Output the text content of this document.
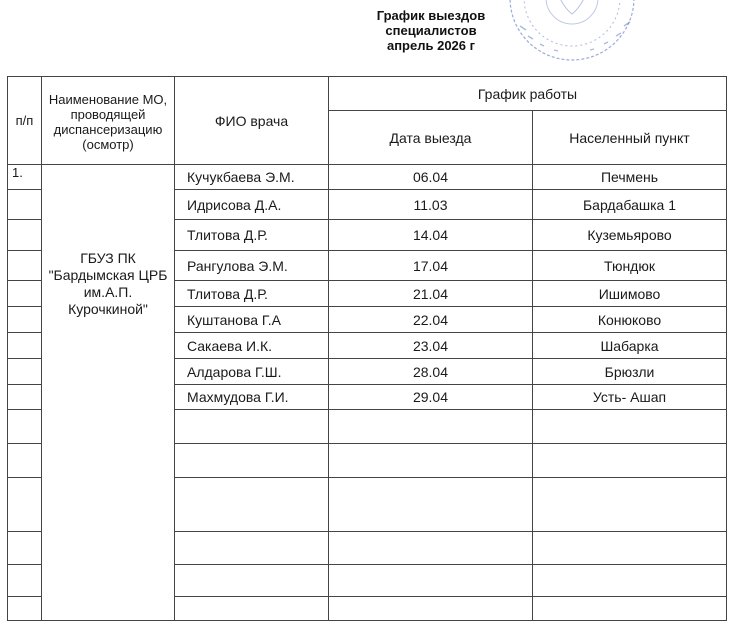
График выездов
специалистов
апрель 2026 г
п/п	Наименование МО, проводящей диспансеризацию (осмотр)	ФИО врача	График работы	
			Дата выезда	Населенный пункт
1.	ГБУЗ ПК "Бардымская ЦРБ им.А.П. Курочкиной"	Кучукбаева Э.М.	06.04	Печмень
		Идрисова Д.А.	11.03	Бардабашка 1
		Тлитова Д.Р.	14.04	Куземьярово
		Рангулова Э.М.	17.04	Тюндюк
		Тлитова Д.Р.	21.04	Ишимово
		Куштанова Г.А	22.04	Конюково
		Сакаева И.К.	23.04	Шабарка
		Алдарова Г.Ш.	28.04	Брюзли
		Махмудова Г.И.	29.04	Усть- Ашап
